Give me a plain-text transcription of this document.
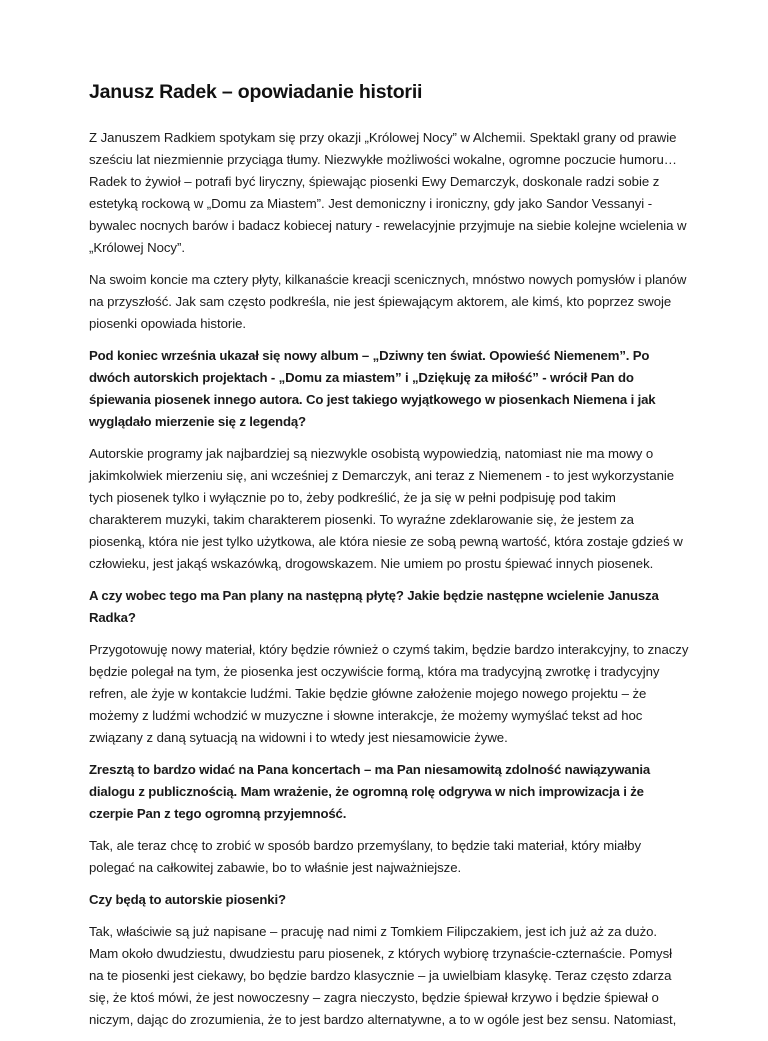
Janusz Radek – opowiadanie historii

Z Januszem Radkiem spotykam się przy okazji „Królowej Nocy” w Alchemii. Spektakl grany od prawie sześciu lat niezmiennie przyciąga tłumy. Niezwykłe możliwości wokalne, ogromne poczucie humoru… Radek to żywioł – potrafi być liryczny, śpiewając piosenki Ewy Demarczyk, doskonale radzi sobie z estetyką rockową w „Domu za Miastem”. Jest demoniczny i ironiczny, gdy jako Sandor Vessanyi - bywalec nocnych barów i badacz kobiecej natury - rewelacyjnie przyjmuje na siebie kolejne wcielenia w „Królowej Nocy”.

Na swoim koncie ma cztery płyty, kilkanaście kreacji scenicznych, mnóstwo nowych pomysłów i planów na przyszłość. Jak sam często podkreśla, nie jest śpiewającym aktorem, ale kimś, kto poprzez swoje piosenki opowiada historie.

Pod koniec września ukazał się nowy album – „Dziwny ten świat. Opowieść Niemenem”. Po dwóch autorskich projektach - „Domu za miastem” i „Dziękuję za miłość” - wrócił Pan do śpiewania piosenek innego autora. Co jest takiego wyjątkowego w piosenkach Niemena i jak wyglądało mierzenie się z legendą?

Autorskie programy jak najbardziej są niezwykle osobistą wypowiedzią, natomiast nie ma mowy o jakimkolwiek mierzeniu się, ani wcześniej z Demarczyk, ani teraz z Niemenem - to jest wykorzystanie tych piosenek tylko i wyłącznie po to, żeby podkreślić, że ja się w pełni podpisuję pod takim charakterem muzyki, takim charakterem piosenki. To wyraźne zdeklarowanie się, że jestem za piosenką, która nie jest tylko użytkowa, ale która niesie ze sobą pewną wartość, która zostaje gdzieś w człowieku, jest jakąś wskazówką, drogowskazem. Nie umiem po prostu śpiewać innych piosenek.

A czy wobec tego ma Pan plany na następną płytę? Jakie będzie następne wcielenie Janusza Radka?

Przygotowuję nowy materiał, który będzie również o czymś takim, będzie bardzo interakcyjny, to znaczy będzie polegał na tym, że piosenka jest oczywiście formą, która ma tradycyjną zwrotkę i tradycyjny refren, ale żyje w kontakcie ludźmi. Takie będzie główne założenie mojego nowego projektu – że możemy z ludźmi wchodzić w muzyczne i słowne interakcje, że możemy wymyślać tekst ad hoc związany z daną sytuacją na widowni i to wtedy jest niesamowicie żywe.

Zresztą to bardzo widać na Pana koncertach – ma Pan niesamowitą zdolność nawiązywania dialogu z publicznością. Mam wrażenie, że ogromną rolę odgrywa w nich improwizacja i że czerpie Pan z tego ogromną przyjemność.

Tak, ale teraz chcę to zrobić w sposób bardzo przemyślany, to będzie taki materiał, który miałby polegać na całkowitej zabawie, bo to właśnie jest najważniejsze.

Czy będą to autorskie piosenki?

Tak, właściwie są już napisane – pracuję nad nimi z Tomkiem Filipczakiem, jest ich już aż za dużo. Mam około dwudziestu, dwudziestu paru piosenek, z których wybiorę trzynaście-czternaście. Pomysł na te piosenki jest ciekawy, bo będzie bardzo klasycznie – ja uwielbiam klasykę. Teraz często zdarza się, że ktoś mówi, że jest nowoczesny – zagra nieczysto, będzie śpiewał krzywo i będzie śpiewał o niczym, dając do zrozumienia, że to jest bardzo alternatywne, a to w ogóle jest bez sensu. Natomiast,
